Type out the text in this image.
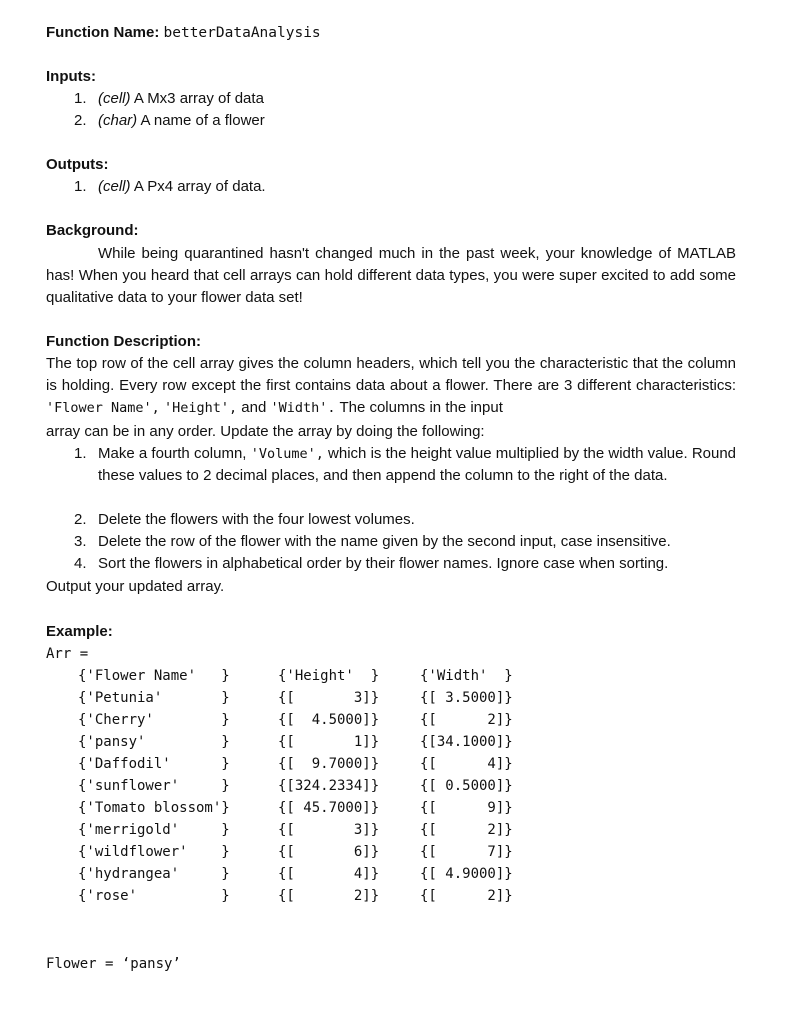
Function Name: betterDataAnalysis
Inputs:
1. (cell) A Mx3 array of data
2. (char) A name of a flower
Outputs:
1. (cell) A Px4 array of data.
Background:
While being quarantined hasn't changed much in the past week, your knowledge of MATLAB has! When you heard that cell arrays can hold different data types, you were super excited to add some qualitative data to your flower data set!
Function Description:
The top row of the cell array gives the column headers, which tell you the characteristic that the column is holding. Every row except the first contains data about a flower. There are 3 different characteristics: 'Flower Name', 'Height', and 'Width'. The columns in the input
array can be in any order. Update the array by doing the following:
1. Make a fourth column, 'Volume', which is the height value multiplied by the width value. Round these values to 2 decimal places, and then append the column to the right of the data.
2. Delete the flowers with the four lowest volumes.
3. Delete the row of the flower with the name given by the second input, case insensitive.
4. Sort the flowers in alphabetical order by their flower names. Ignore case when sorting.
Output your updated array.
Example:
Arr =
{'Flower Name'   }	{'Height'  }	{'Width'  }
{'Petunia'       }	{[       3]}	{[ 3.5000]}
{'Cherry'        }	{[  4.5000]}	{[      2]}
{'pansy'         }	{[       1]}	{[34.1000]}
{'Daffodil'      }	{[  9.7000]}	{[      4]}
{'sunflower'     }	{[324.2334]}	{[ 0.5000]}
{'Tomato blossom'}	{[ 45.7000]}	{[      9]}
{'merrigold'     }	{[       3]}	{[      2]}
{'wildflower'    }	{[       6]}	{[      7]}
{'hydrangea'     }	{[       4]}	{[ 4.9000]}
{'rose'          }	{[       2]}	{[      2]}
Flower = ‘pansy’
